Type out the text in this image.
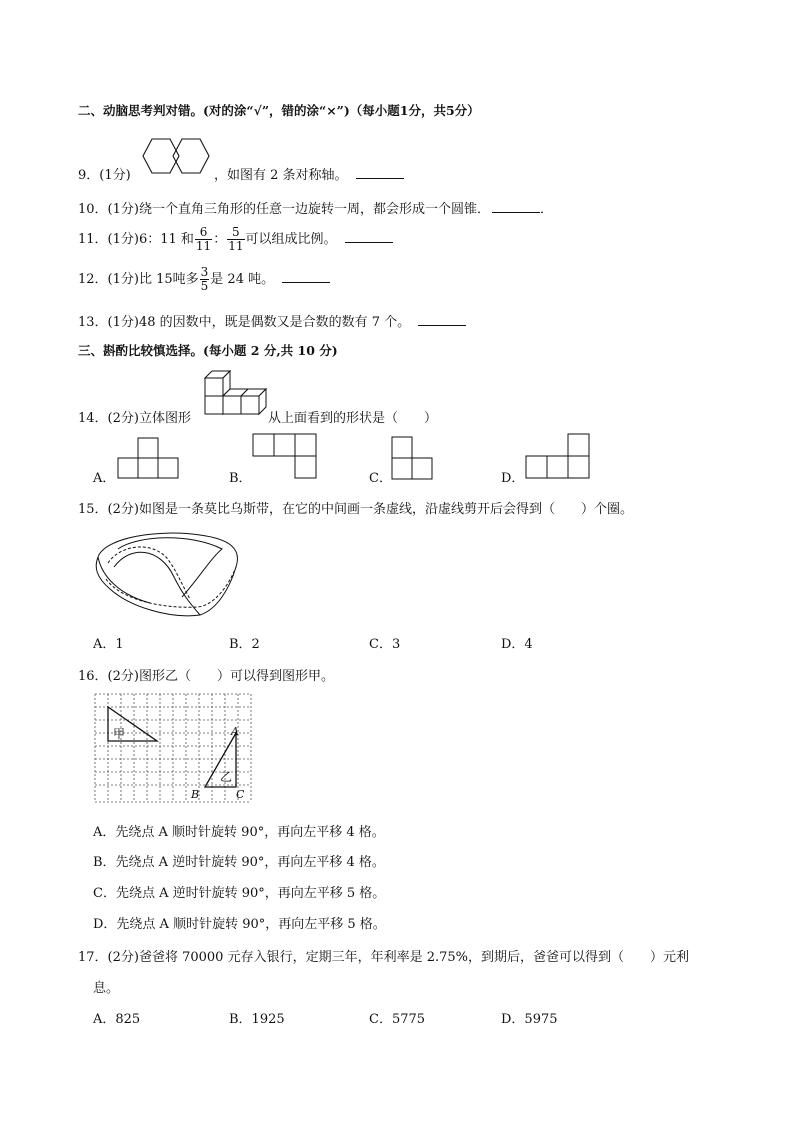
二、动脑思考判对错。(对的涂“√”，错的涂“×”)（每小题1分，共5分）
9．(1分)	，如图有 2 条对称轴。
10．(1分)绕一个直角三角形的任意一边旋转一周，都会形成一个圆锥．	．
11．(1分)6：11 和 $\frac{6}{11}$ ： $\frac{5}{11}$ 可以组成比例。
12．(1分)比 15吨多 $\frac{3}{5}$ 是 24 吨。
13．(1分)48 的因数中，既是偶数又是合数的数有 7 个。
三、斟酌比较慎选择。(每小题 2 分,共 10 分)
14．(2分)立体图形	从上面看到的形状是（　　）
A．	B．	C．	D．
15．(2分)如图是一条莫比乌斯带，在它的中间画一条虚线，沿虚线剪开后会得到（　　）个圈。
A．1	B．2	C．3	D．4
16．(2分)图形乙（　　）可以得到图形甲。
甲
乙
A
B	C
A．先绕点 A 顺时针旋转 90°，再向左平移 4 格。
B．先绕点 A 逆时针旋转 90°，再向左平移 4 格。
C．先绕点 A 逆时针旋转 90°，再向左平移 5 格。
D．先绕点 A 顺时针旋转 90°，再向左平移 5 格。
17．(2分)爸爸将 70000 元存入银行，定期三年，年利率是 2.75%，到期后，爸爸可以得到（　　）元利
息。
A．825	B．1925	C．5775	D．5975
